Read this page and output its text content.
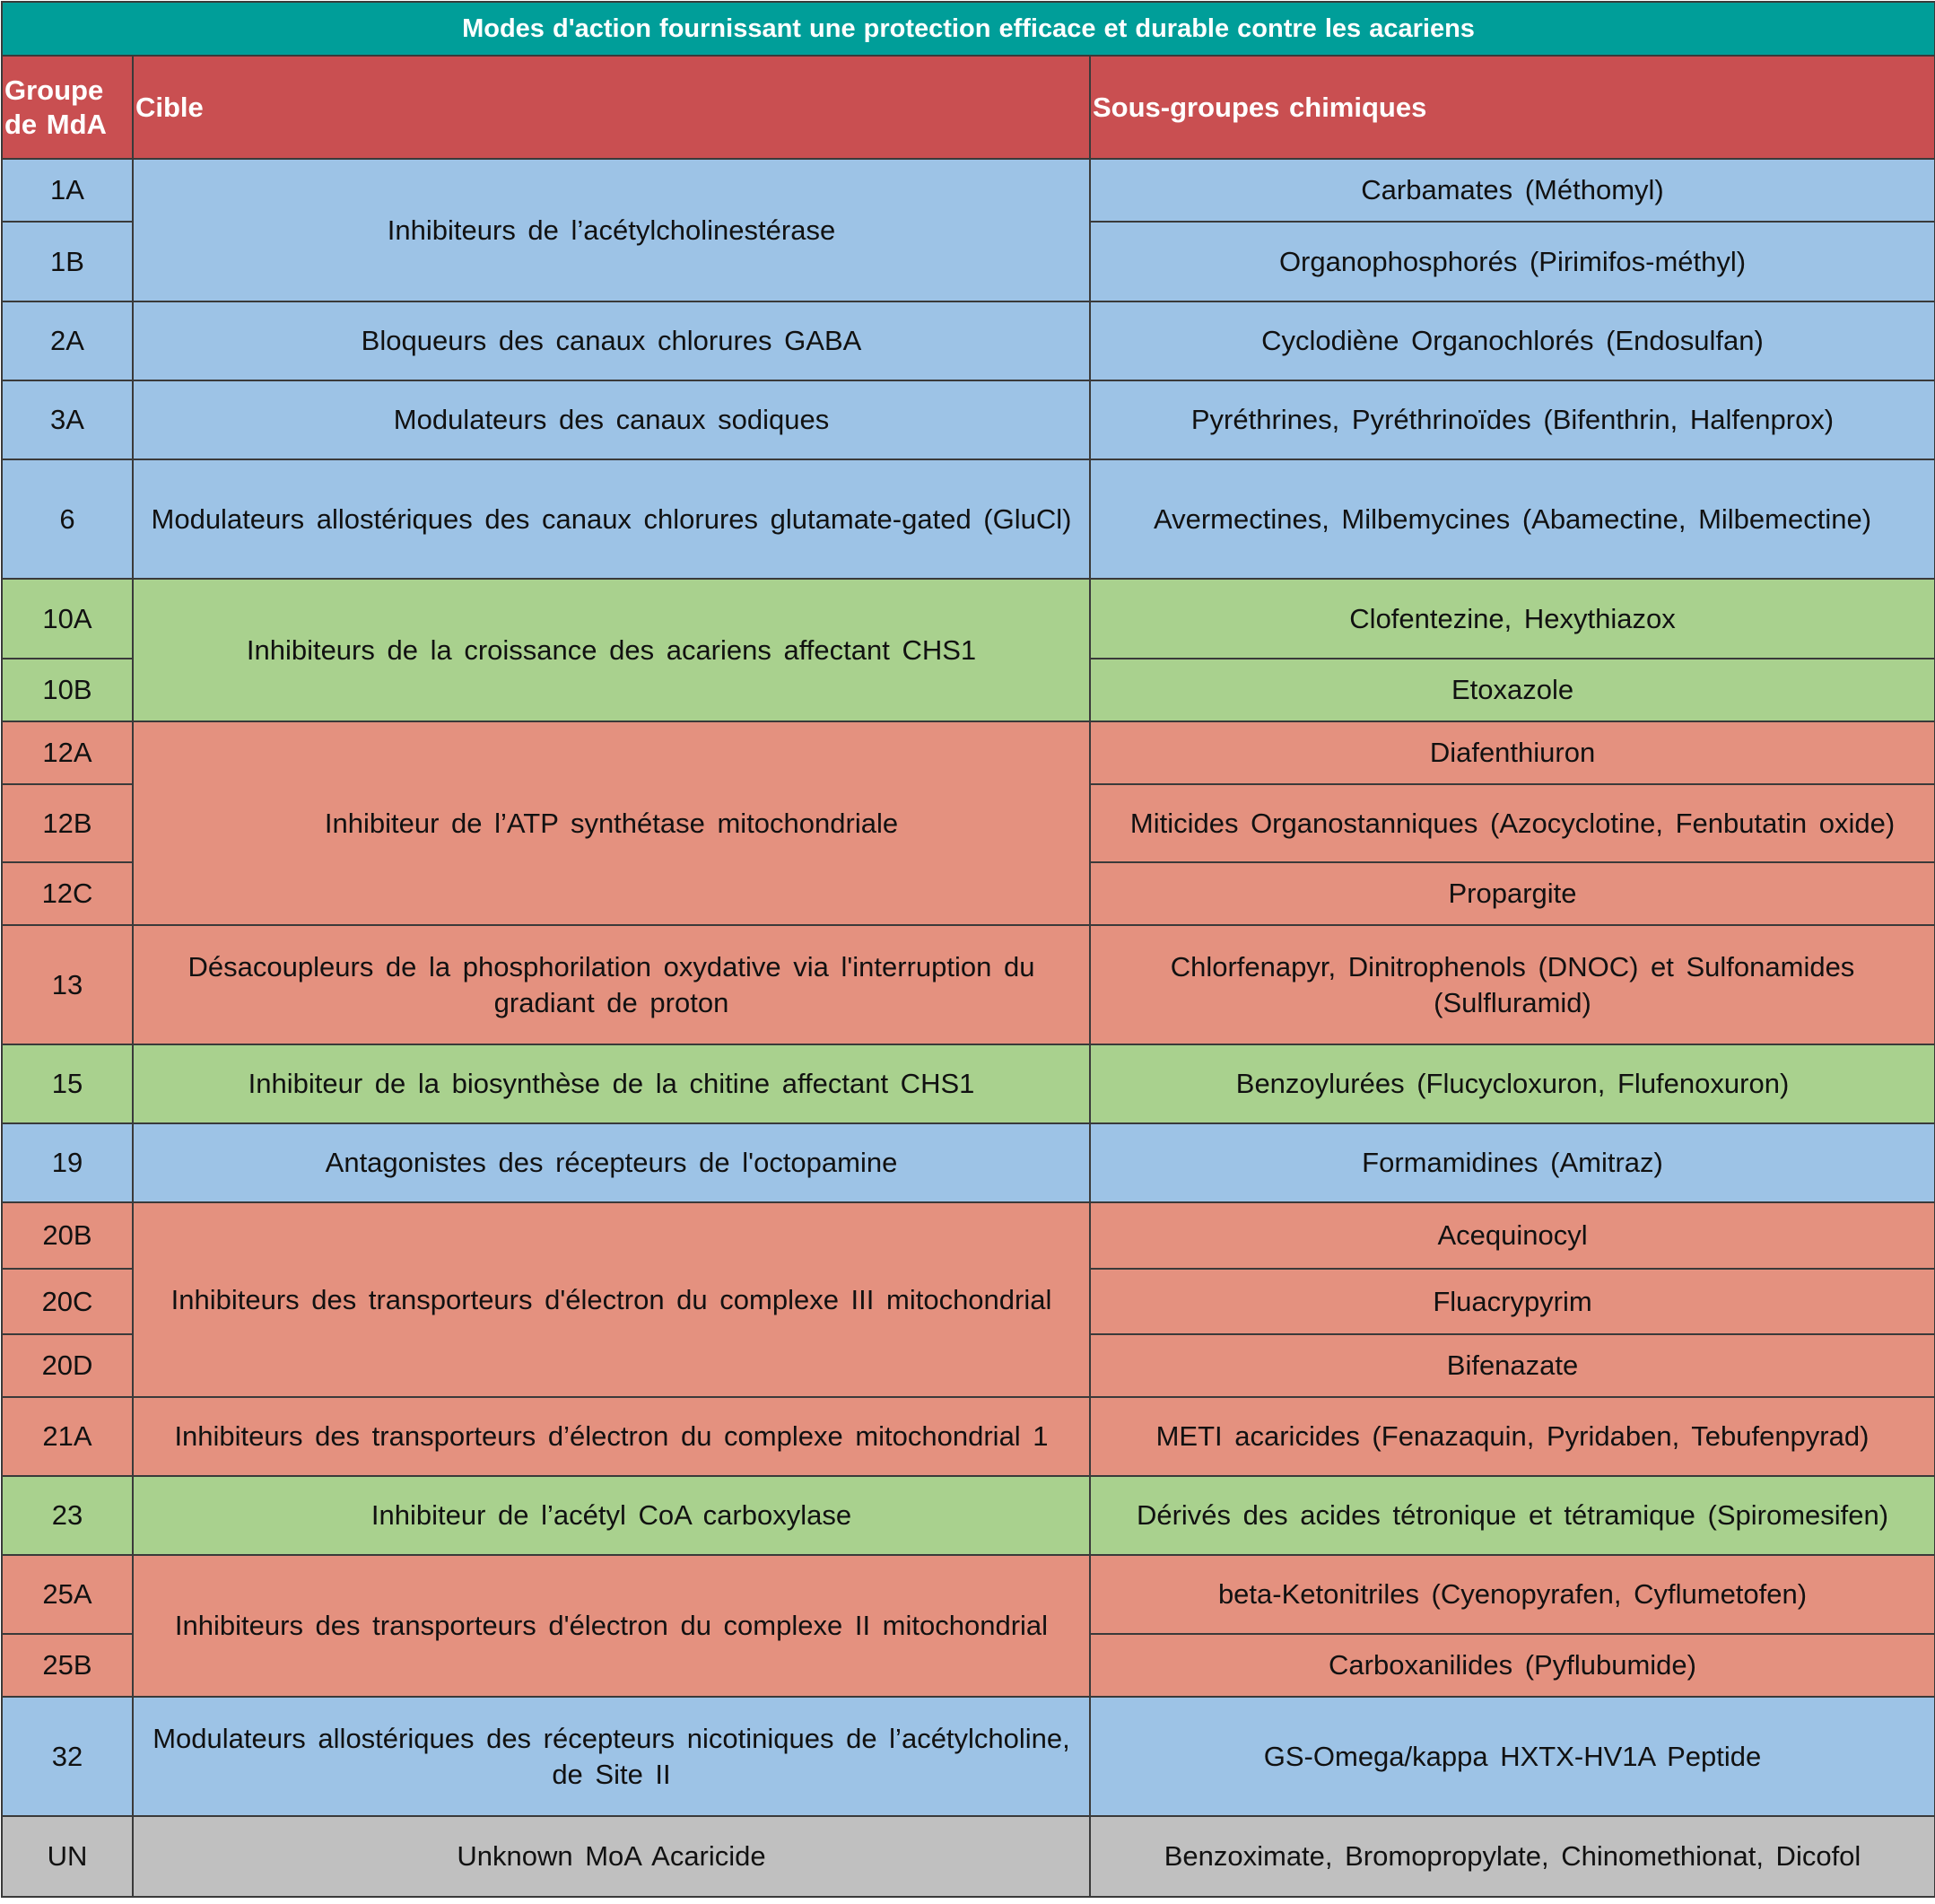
Modes d'action fournissant une protection efficace et durable contre les acariens		
Groupe de MdA	Cible	Sous-groupes chimiques
1A	Inhibiteurs de l’acétylcholinestérase	Carbamates (Méthomyl)
1B		Organophosphorés (Pirimifos-méthyl)
2A	Bloqueurs des canaux chlorures GABA	Cyclodiène Organochlorés (Endosulfan)
3A	Modulateurs des canaux sodiques	Pyréthrines, Pyréthrinoïdes (Bifenthrin, Halfenprox)
6	Modulateurs allostériques des canaux chlorures glutamate-gated (GluCl)	Avermectines, Milbemycines (Abamectine, Milbemectine)
10A	Inhibiteurs de la croissance des acariens affectant CHS1	Clofentezine, Hexythiazox
10B		Etoxazole
12A	Inhibiteur de l’ATP synthétase mitochondriale	Diafenthiuron
12B		Miticides Organostanniques (Azocyclotine, Fenbutatin oxide)
12C		Propargite
13	Désacoupleurs de la phosphorilation oxydative via l'interruption du gradiant de proton	Chlorfenapyr, Dinitrophenols (DNOC) et Sulfonamides (Sulfluramid)
15	Inhibiteur de la biosynthèse de la chitine affectant CHS1	Benzoylurées (Flucycloxuron, Flufenoxuron)
19	Antagonistes des récepteurs de l'octopamine	Formamidines (Amitraz)
20B	Inhibiteurs des transporteurs d'électron du complexe III mitochondrial	Acequinocyl
20C		Fluacrypyrim
20D		Bifenazate
21A	Inhibiteurs des transporteurs d’électron du complexe mitochondrial 1	METI acaricides (Fenazaquin, Pyridaben, Tebufenpyrad)
23	Inhibiteur de l’acétyl CoA carboxylase	Dérivés des acides tétronique et tétramique (Spiromesifen)
25A	Inhibiteurs des transporteurs d'électron du complexe II mitochondrial	beta-Ketonitriles (Cyenopyrafen, Cyflumetofen)
25B		Carboxanilides (Pyflubumide)
32	Modulateurs allostériques des récepteurs nicotiniques de l’acétylcholine, de Site II	GS-Omega/kappa HXTX-HV1A Peptide
UN	Unknown MoA Acaricide	Benzoximate, Bromopropylate, Chinomethionat, Dicofol
